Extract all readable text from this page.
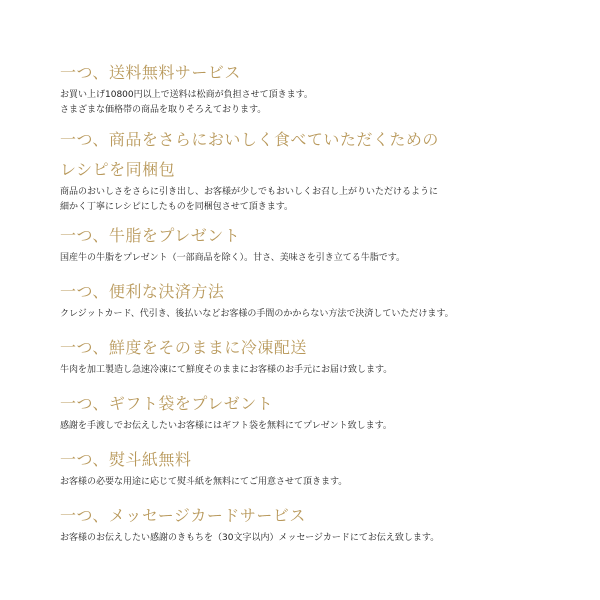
一つ、送料無料サービス
お買い上げ10800円以上で送料は松商が負担させて頂きます。
さまざまな価格帯の商品を取りそろえております。
一つ、商品をさらにおいしく食べていただくための
レシピを同梱包
商品のおいしさをさらに引き出し、お客様が少しでもおいしくお召し上がりいただけるように
細かく丁寧にレシピにしたものを同梱包させて頂きます。
一つ、牛脂をプレゼント
国産牛の牛脂をプレゼント（一部商品を除く）。甘さ、美味さを引き立てる牛脂です。
一つ、便利な決済方法
クレジットカード、代引き、後払いなどお客様の手間のかからない方法で決済していただけます。
一つ、鮮度をそのままに冷凍配送
牛肉を加工製造し急速冷凍にて鮮度そのままにお客様のお手元にお届け致します。
一つ、ギフト袋をプレゼント
感謝を手渡しでお伝えしたいお客様にはギフト袋を無料にてプレゼント致します。
一つ、熨斗紙無料
お客様の必要な用途に応じて熨斗紙を無料にてご用意させて頂きます。
一つ、メッセージカードサービス
お客様のお伝えしたい感謝のきもちを（30文字以内）メッセージカードにてお伝え致します。
